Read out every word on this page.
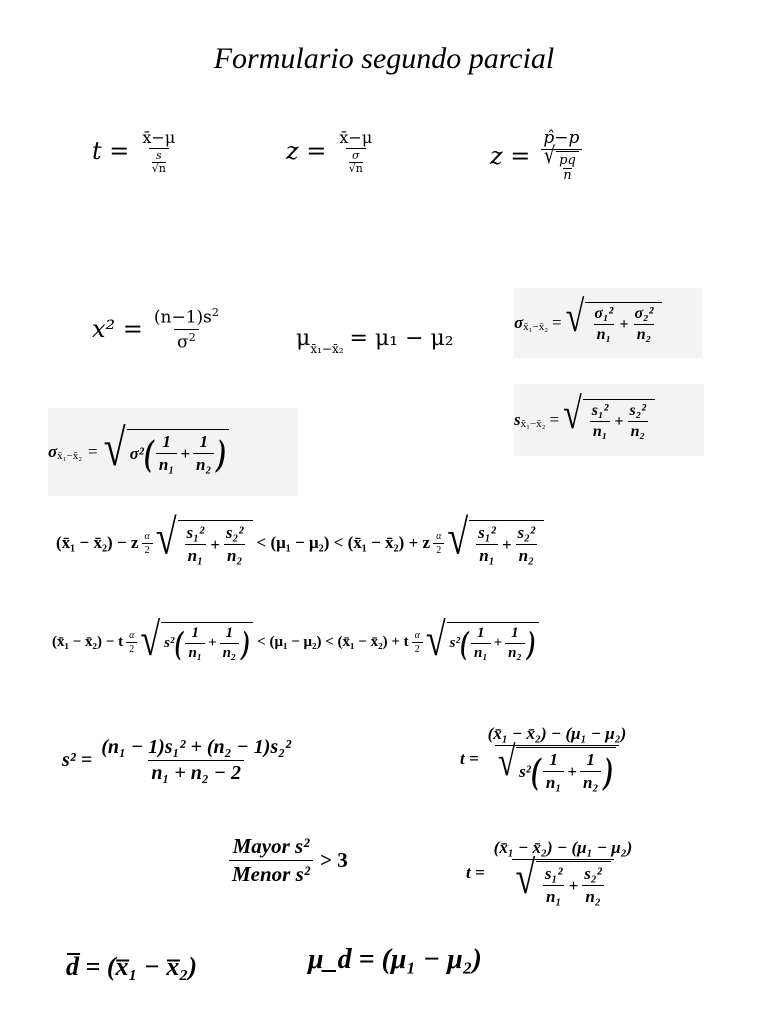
Formulario segundo parcial
t = x̄−μ
s
√n	z = x̄−μ
σ
√n	z = p̂−p
√ pq
n
$x^2 = \frac{(n-1)s^2}{\sigma^2}$	μ x̄₁−x̄₂ = μ₁ − μ₂
σ x̄₁−x̄₂ = √ $\frac{\text{σ₁²}}{\text{n₁}} + \frac{\text{σ₂²}}{\text{n₂}}$
s x̄₁−x̄₂ = √ $\frac{\text{s₁²}}{\text{n₁}} + \frac{\text{s₂²}}{\text{n₂}}$
σ x̄₁−x̄₂ = √ σ² ( $\frac{1}{\text{n₁}} + \frac{1}{\text{n₂}}$ )
(x̄₁ − x̄₂) − z $\frac{\alpha}{2}$ √ $\frac{\text{s₁²}}{\text{n₁}} + \frac{\text{s₂²}}{\text{n₂}} < (\mu_1 - \mu_2)$ < (x̄₁ − x̄₂) + z $\frac{\alpha}{2}$ √ $\frac{\text{s₁²}}{\text{n₁}} + \frac{\text{s₂²}}{\text{n₂}}$
(x̄₁ − x̄₂) − t $\frac{\alpha}{2}$ √ s² ( $\frac{1}{\text{n₁}} + \frac{1}{\text{n₂}}$ ) < (μ₁ − μ₂) < (x̄₁ − x̄₂) + t $\frac{\alpha}{2}$ √ s² ( $\frac{1}{\text{n₁}} + \frac{1}{\text{n₂}}$ )
$s^2 = \frac{\text{(n₁ − 1)s₁² + (n₂ − 1)s₂²}}{\text{n₁ + n₂ − 2}}$	$t = \frac{\text{(x̄₁ − x̄₂) − (μ₁ − μ₂)}}{√ s^2 ( \frac{1}{\text{n₁}} + \frac{1}{\text{n₂}} )}$
$\frac{\text{Mayor s²}}{\text{Menor s²}} > 3$	$t = \frac{\text{(x̄₁ − x̄₂) − (μ₁ − μ₂)}}{√ \frac{\text{s₁²}}{\text{n₁}} + \frac{\text{s₂²}}{\text{n₂}}}$
d̅ = (x̅₁ − x̅₂)	μ_d = (μ₁ − μ₂)
